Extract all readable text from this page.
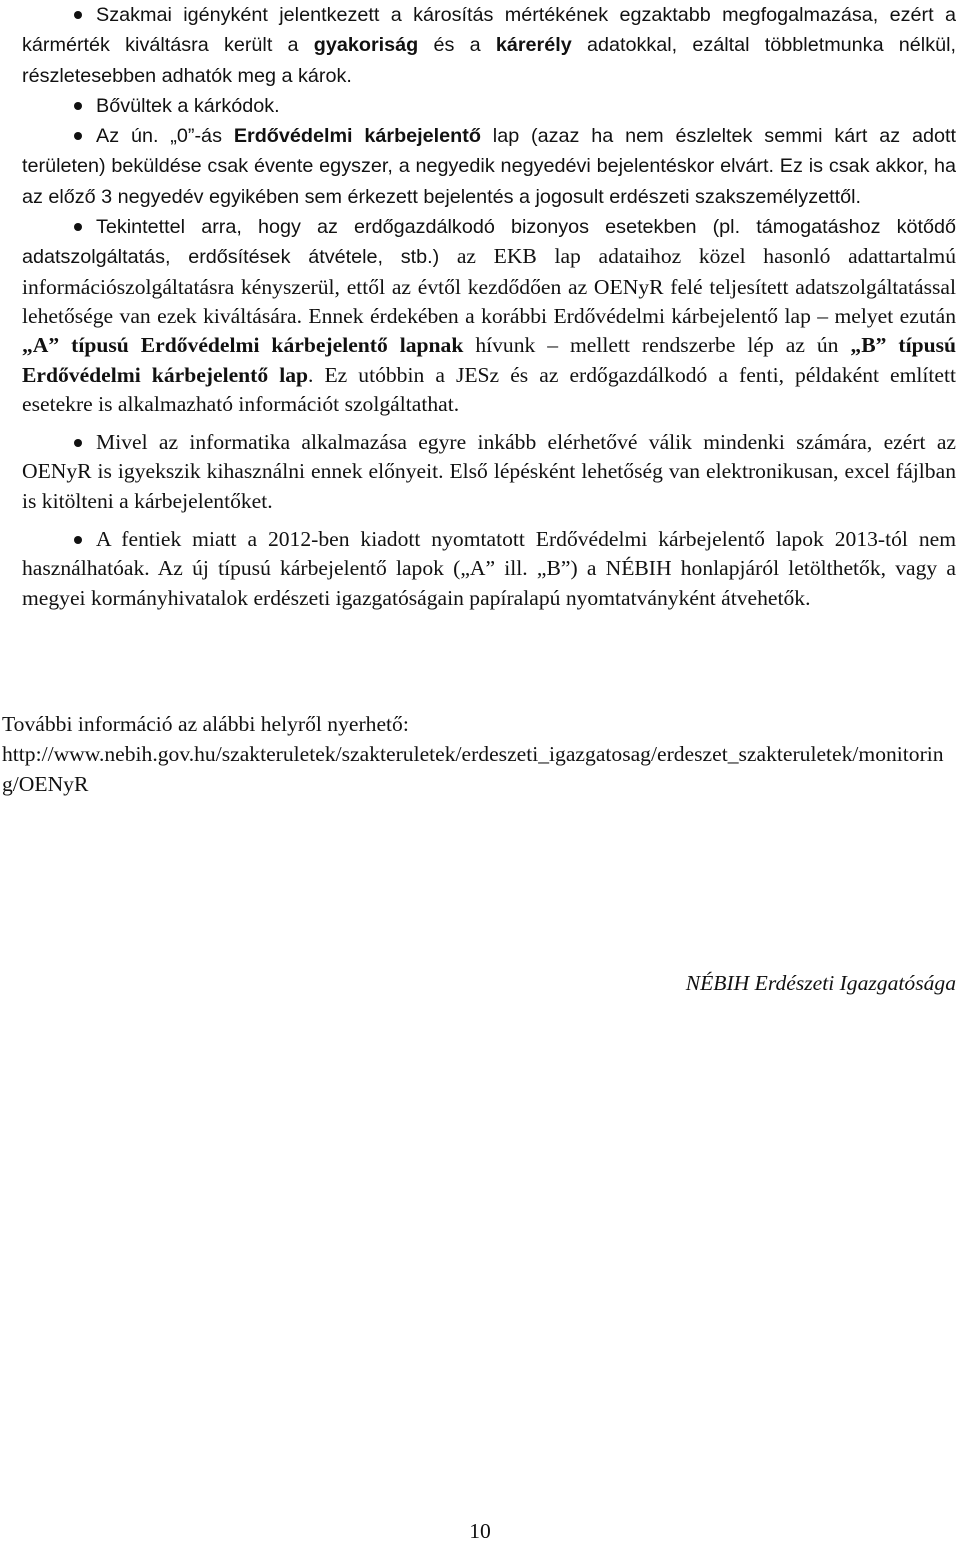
Szakmai igényként jelentkezett a károsítás mértékének egzaktabb megfogalmazása, ezért a kármérték kiváltásra került a gyakoriság és a kárerély adatokkal, ezáltal többletmunka nélkül, részletesebben adhatók meg a károk.
Bővültek a kárkódok.
Az ún. „0”-ás Erdővédelmi kárbejelentő lap (azaz ha nem észleltek semmi kárt az adott területen) beküldése csak évente egyszer, a negyedik negyedévi bejelentéskor elvárt. Ez is csak akkor, ha az előző 3 negyedév egyikében sem érkezett bejelentés a jogosult erdészeti szakszemélyzettől.
Tekintettel arra, hogy az erdőgazdálkodó bizonyos esetekben (pl. támogatáshoz kötődő adatszolgáltatás, erdősítések átvétele, stb.) az EKB lap adataihoz közel hasonló adattartalmú információszolgáltatásra kényszerül, ettől az évtől kezdődően az OENyR felé teljesített adatszolgáltatással lehetősége van ezek kiváltására. Ennek érdekében a korábbi Erdővédelmi kárbejelentő lap – melyet ezután „A” típusú Erdővédelmi kárbejelentő lapnak hívunk – mellett rendszerbe lép az ún „B” típusú Erdővédelmi kárbejelentő lap. Ez utóbbin a JESz és az erdőgazdálkodó a fenti, példaként említett esetekre is alkalmazható információt szolgáltathat.
Mivel az informatika alkalmazása egyre inkább elérhetővé válik mindenki számára, ezért az OENyR is igyekszik kihasználni ennek előnyeit. Első lépésként lehetőség van elektronikusan, excel fájlban is kitölteni a kárbejelentőket.
A fentiek miatt a 2012-ben kiadott nyomtatott Erdővédelmi kárbejelentő lapok 2013-tól nem használhatóak. Az új típusú kárbejelentő lapok („A” ill. „B”) a NÉBIH honlapjáról letölthetők, vagy a megyei kormányhivatalok erdészeti igazgatóságain papíralapú nyomtatványként átvehetők.
További információ az alábbi helyről nyerhető:
http://www.nebih.gov.hu/szakteruletek/szakteruletek/erdeszeti_igazgatosag/erdeszet_szakteruletek/monitoring/OENyR
NÉBIH Erdészeti Igazgatósága
10
